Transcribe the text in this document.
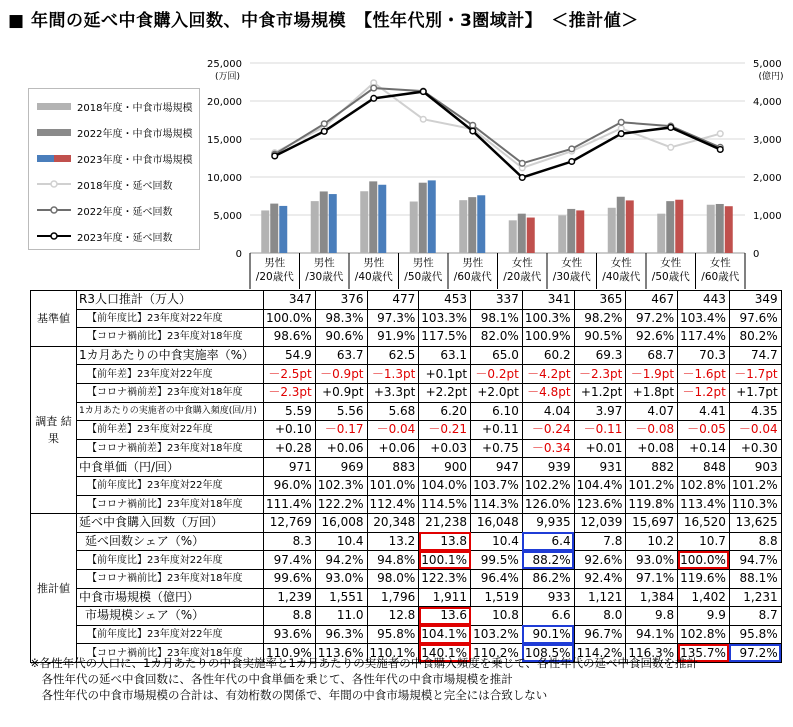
■ 年間の延べ中食購入回数、中食市場規模　【性年代別・3圏域計】　＜推計値＞
0	0
5,000	1,000
10,000	2,000
15,000	3,000
20,000	4,000
25,000	5,000
(万回)	(億円)
男性
/20歳代
男性
/30歳代
男性
/40歳代
男性
/50歳代
男性
/60歳代
女性
/20歳代
女性
/30歳代
女性
/40歳代
女性
/50歳代
女性
/60歳代
2018年度・中食市場規模
2022年度・中食市場規模
2023年度・中食市場規模
2018年度・延べ回数
2022年度・延べ回数
2023年度・延べ回数
基準値	R3人口推計（万人）	347	376	477	453	337	341	365	467	443	349
	【前年度比】23年度対22年度	100.0%	98.3%	97.3%	103.3%	98.1%	100.3%	98.2%	97.2%	103.4%	97.6%
	【コロナ禍前比】23年度対18年度	98.6%	90.6%	91.9%	117.5%	82.0%	100.9%	90.5%	92.6%	117.4%	80.2%
調査 結果	1カ月あたりの中食実施率（%）	54.9	63.7	62.5	63.1	65.0	60.2	69.3	68.7	70.3	74.7
	【前年差】23年度対22年度	－2.5pt	－0.9pt	－1.3pt	+0.1pt	－0.2pt	－4.2pt	－2.3pt	－1.9pt	－1.6pt	－1.7pt
	【コロナ禍前差】23年度対18年度	－2.3pt	+0.9pt	+3.3pt	+2.2pt	+2.0pt	－4.8pt	+1.2pt	+1.8pt	－1.2pt	+1.7pt
	1カ月あたりの実施者の中食購入頻度(回/月)	5.59	5.56	5.68	6.20	6.10	4.04	3.97	4.07	4.41	4.35
	【前年差】23年度対22年度	+0.10	－0.17	－0.04	－0.21	+0.11	－0.24	－0.11	－0.08	－0.05	－0.04
	【コロナ禍前差】23年度対18年度	+0.28	+0.06	+0.06	+0.03	+0.75	－0.34	+0.01	+0.08	+0.14	+0.30
	中食単価（円/回）	971	969	883	900	947	939	931	882	848	903
	【前年度比】23年度対22年度	96.0%	102.3%	101.0%	104.0%	103.7%	102.2%	104.4%	101.2%	102.8%	101.2%
	【コロナ禍前比】23年度対18年度	111.4%	122.2%	112.4%	114.5%	114.3%	126.0%	123.6%	119.8%	113.4%	110.3%
推計値	延べ中食購入回数（万回）	12,769	16,008	20,348	21,238	16,048	9,935	12,039	15,697	16,520	13,625
	延べ回数シェア（%）	8.3	10.4	13.2	13.8	10.4	6.4	7.8	10.2	10.7	8.8
	【前年度比】23年度対22年度	97.4%	94.2%	94.8%	100.1%	99.5%	88.2%	92.6%	93.0%	100.0%	94.7%
	【コロナ禍前比】23年度対18年度	99.6%	93.0%	98.0%	122.3%	96.4%	86.2%	92.4%	97.1%	119.6%	88.1%
	中食市場規模（億円）	1,239	1,551	1,796	1,911	1,519	933	1,121	1,384	1,402	1,231
	市場規模シェア（%）	8.8	11.0	12.8	13.6	10.8	6.6	8.0	9.8	9.9	8.7
	【前年度比】23年度対22年度	93.6%	96.3%	95.8%	104.1%	103.2%	90.1%	96.7%	94.1%	102.8%	95.8%
	【コロナ禍前比】23年度対18年度	110.9%	113.6%	110.1%	140.1%	110.2%	108.5%	114.2%	116.3%	135.7%	97.2%
※各性年代の人口に、1カ月あたりの中食実施率と1カ月あたりの実施者の中食購入頻度を乗じて、各性年代の延べ中食回数を推計
　各性年代の延べ中食回数に、各性年代の中食単価を乗じて、各性年代の中食市場規模を推計
　各性年代の中食市場規模の合計は、有効桁数の関係で、年間の中食市場規模と完全には合致しない
